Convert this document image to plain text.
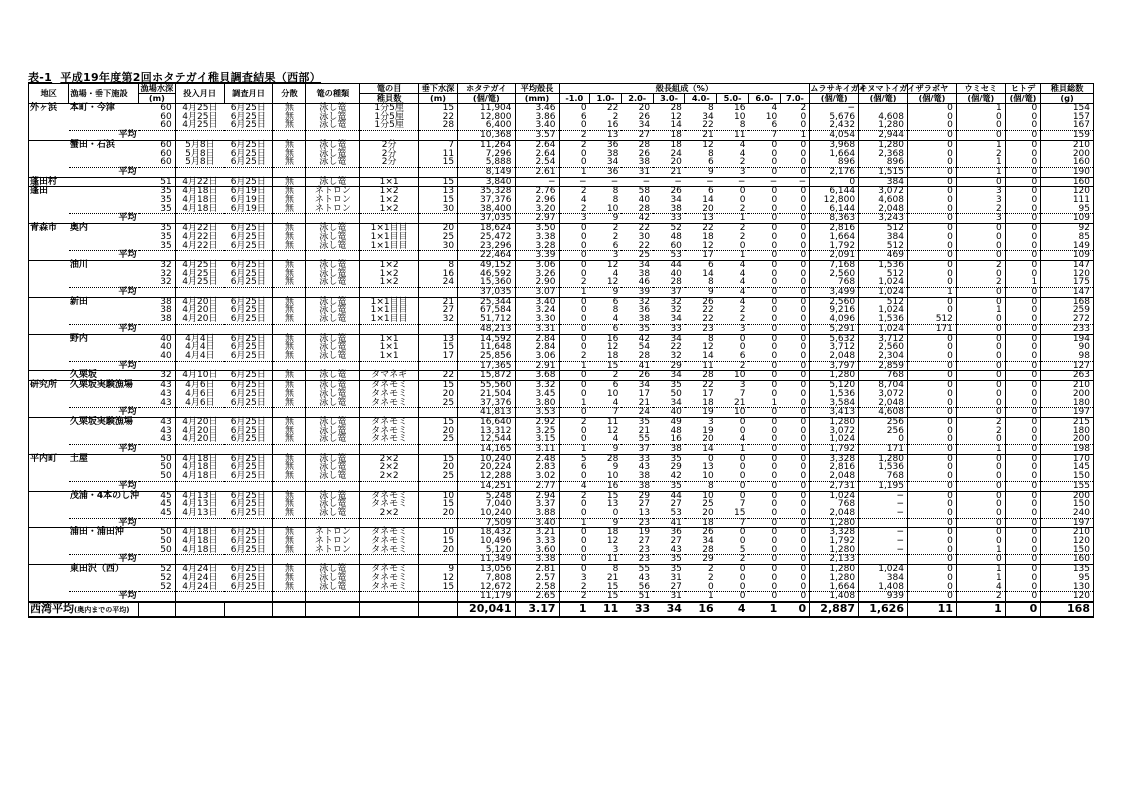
表-1 平成19年度第2回ホタテガイ稚貝調査結果（西部）
地区	漁場・垂下施設	漁場水深	投入月日	調査月日	分散	篭の種類	篭の目	垂下水深	ホタテガイ	平均殻長	殻長組成（%）								ムラサキイガイ	キヌマトイガイ	ザラボヤ	ウミセミ	ヒトデ	稚貝総数
		(m)					稚貝数	(m)	(個/篭)	(mm)	-1.0	1.0-	2.0-	3.0-	4.0-	5.0-	6.0-	7.0-	(個/篭)	(個/篭)	(個/篭)	(個/篭)	(個/篭)	(g)
外ヶ浜	本町・今津	60	4月25日	6月25日	無	泳し篭	1分5厘	15	11,904	3.46	0	22	20	28	8	16	4	2	−		0	1	0	154
		60	4月25日	6月25日	無	泳し篭	1分5厘	22	12,800	3.86	6	2	26	12	34	10	10	0	5,676	4,608	0	0	0	157
		60	4月25日	6月25日	無	泳し篭	1分5厘	28	6,400	3.40	0	16	34	14	22	8	6	0	2,432	1,280	0	0	0	167
	平均								10,368	3.57	2	13	27	18	21	11	7	1	4,054	2,944	0	0	0	159
	蟹田・石浜	60	5月8日	6月25日	無	泳し篭	2分	7	11,264	2.64	2	36	28	18	12	4	0	0	3,968	1,280	0	1	0	210
		60	5月8日	6月25日	無	泳し篭	2分	11	7,296	2.64	0	38	26	24	8	4	0	0	1,664	2,368	0	2	0	200
		60	5月8日	6月25日	無	泳し篭	2分	15	5,888	2.54	0	34	38	20	6	2	0	0	896	896	0	1	0	160
	平均								8,149	2.61	1	36	31	21	9	3	0	0	2,176	1,515	0	1	0	190
蓬田村		51	4月22日	6月25日	無	泳し篭	1×1	15	3,840	−	−	−	−	−	−	−	−	−	0	384	0	0	0	160
蓬田		35	4月18日	6月19日	無	ネトロン	1×2	13	35,328	2.76	2	8	58	26	6	0	0	0	6,144	3,072	0	3	0	120
		35	4月18日	6月19日	無	ネトロン	1×2	15	37,376	2.96	4	8	40	34	14	0	0	0	12,800	4,608	0	3	0	111
		35	4月18日	6月19日	無	ネトロン	1×2	30	38,400	3.20	2	10	28	38	20	2	0	0	6,144	2,048	0	2	0	95
	平均								37,035	2.97	3	9	42	33	13	1	0	0	8,363	3,243	0	3	0	109
青森市	奥内	35	4月22日	6月25日	無	泳し篭	1×1目目	20	18,624	3.50	0	2	22	52	22	2	0	0	2,816	512	0	0	0	92
		35	4月22日	6月25日	無	泳し篭	1×1目目	25	25,472	3.38	0	2	30	48	18	2	0	0	1,664	384	0	0	0	85
		35	4月22日	6月25日	無	泳し篭	1×1目目	30	23,296	3.28	0	6	22	60	12	0	0	0	1,792	512	0	0	0	149
	平均								22,464	3.39	0	3	25	53	17	1	0	0	2,091	469	0	0	0	109
	油川	32	4月25日	6月25日	無	泳し篭	1×2	8	49,152	3.06	0	12	34	44	6	4	0	0	7,168	1,536	0	2	0	147
		32	4月25日	6月25日	無	泳し篭	1×2	16	46,592	3.26	0	4	38	40	14	4	0	0	2,560	512	0	0	0	120
		32	4月25日	6月25日	無	泳し篭	1×2	24	15,360	2.90	2	12	46	28	8	4	0	0	768	1,024	0	2	1	175
	平均								37,035	3.07	1	9	39	37	9	4	0	0	3,499	1,024	1	0	0	147
	新田	38	4月20日	6月25日	無	泳し篭	1×1目目	21	25,344	3.40	0	6	32	32	26	4	0	0	2,560	512	0	0	0	168
		38	4月20日	6月25日	無	泳し篭	1×1目目	27	67,584	3.24	0	8	36	32	22	2	0	0	9,216	1,024	0	1	0	259
		38	4月20日	6月25日	無	泳し篭	1×1目目	32	51,712	3.30	0	4	38	34	22	2	0	0	4,096	1,536	512	0	0	272
	平均								48,213	3.31	0	6	35	33	23	3	0	0	5,291	1,024	171	0	0	233
	野内	40	4月4日	6月25日	無	泳し篭	1×1	13	14,592	2.84	0	16	42	34	8	0	0	0	5,632	3,712	0	0	0	194
		40	4月4日	6月25日	無	泳し篭	1×1	15	11,648	2.84	0	12	54	22	12	0	0	0	3,712	2,560	0	0	0	90
		40	4月4日	6月25日	無	泳し篭	1×1	17	25,856	3.06	2	18	28	32	14	6	0	0	2,048	2,304	0	0	0	98
	平均								17,365	2.91	1	15	41	29	11	2	0	0	3,797	2,859	0	0	0	127
	久栗坂	32	4月10日	6月25日	無	泳し篭	タマネギ	22	15,872	3.68	0	2	26	34	28	10	0	0	1,280	768	0	0	0	263
研究所	久栗坂実験漁場	43	4月6日	6月25日	無	泳し篭	タネモミ	15	55,560	3.32	0	6	34	35	22	3	0	0	5,120	8,704	0	0	0	210
		43	4月6日	6月25日	無	泳し篭	タネモミ	20	21,504	3.45	0	10	17	50	17	7	0	0	1,536	3,072	0	0	0	200
		43	4月6日	6月25日	無	泳し篭	タネモミ	25	37,376	3.80	1	4	21	34	18	21	1	0	3,584	2,048	0	0	0	180
	平均								41,813	3.53	0	7	24	40	19	10	0	0	3,413	4,608	0	0	0	197
	久栗坂実験漁場	43	4月20日	6月25日	無	泳し篭	タネモミ	15	16,640	2.92	2	11	35	49	3	0	0	0	1,280	256	0	2	0	215
		43	4月20日	6月25日	無	泳し篭	タネモミ	20	13,312	3.25	0	12	21	48	19	0	0	0	3,072	256	0	2	0	180
		43	4月20日	6月25日	無	泳し篭	タネモミ	25	12,544	3.15	0	4	55	16	20	4	0	0	1,024	0	0	0	0	200
	平均								14,165	3.11	1	9	37	38	14	1	0	0	1,792	171	0	1	0	198
平内町	土屋	50	4月18日	6月25日	無	泳し篭	2×2	15	10,240	2.48	5	28	33	35	0	0	0	0	3,328	1,280	0	0	0	170
		50	4月18日	6月25日	無	泳し篭	2×2	20	20,224	2.83	6	9	43	29	13	0	0	0	2,816	1,536	0	0	0	145
		50	4月18日	6月25日	無	泳し篭	2×2	25	12,288	3.02	0	10	38	42	10	0	0	0	2,048	768	0	0	0	150
	平均								14,251	2.77	4	16	38	35	8	0	0	0	2,731	1,195	0	0	0	155
	茂浦・4本のし沖	45	4月13日	6月25日	無	泳し篭	タネモミ	10	5,248	2.94	2	15	29	44	10	0	0	0	1,024	−	0	0	0	200
		45	4月13日	6月25日	無	泳し篭	タネモミ	15	7,040	3.37	0	13	27	27	25	7	0	0	768	−	0	0	0	150
		45	4月13日	6月25日	無	泳し篭	2×2	20	10,240	3.88	0	0	13	53	20	15	0	0	2,048	−	0	0	0	240
	平均								7,509	3.40	1	9	23	41	18	7	0	0	1,280		0	0	0	197
	浦田・浦田沖	50	4月18日	6月25日	無	ネトロン	タネモミ	10	18,432	3.21	0	18	19	36	26	0	0	0	3,328	−	0	0	0	210
		50	4月18日	6月25日	無	ネトロン	タネモミ	15	10,496	3.33	0	12	27	27	34	0	0	0	1,792	−	0	0	0	120
		50	4月18日	6月25日	無	ネトロン	タネモミ	20	5,120	3.60	0	3	23	43	28	5	0	0	1,280	−	0	1	0	150
	平均								11,349	3.38	0	11	23	35	29	2	0	0	2,133		0	0	0	160
	東田沢（西）	52	4月24日	6月25日	無	泳し篭	タネモミ	9	13,056	2.81	0	8	55	35	2	0	0	0	1,280	1,024	0	1	0	135
		52	4月24日	6月25日	無	泳し篭	タネモミ	12	7,808	2.57	3	21	43	31	2	0	0	0	1,280	384	0	1	0	95
		52	4月24日	6月25日	無	泳し篭	タネモミ	15	12,672	2.58	2	15	56	27	0	0	0	0	1,664	1,408	0	4	0	130
	平均								11,179	2.65	2	15	51	31	1	0	0	0	1,408	939	0	2	0	120
西湾平均(奥内までの平均)									20,041	3.17	1	11	33	34	16	4	1	0	2,887	1,626	11	1	0	168
